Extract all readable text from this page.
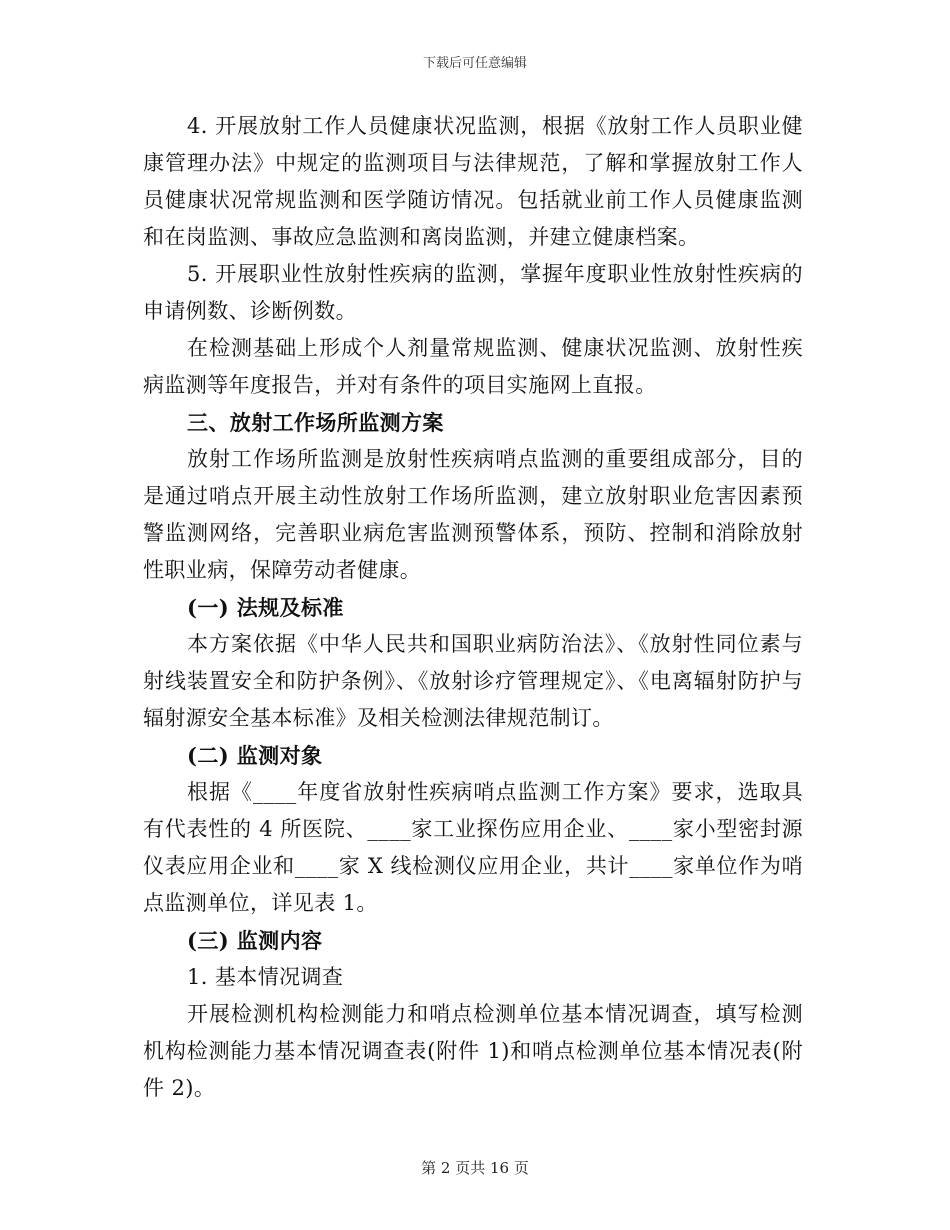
下载后可任意编辑

4. 开展放射工作人员健康状况监测，根据《放射工作人员职业健康管理办法》中规定的监测项目与法律规范，了解和掌握放射工作人员健康状况常规监测和医学随访情况。包括就业前工作人员健康监测和在岗监测、事故应急监测和离岗监测，并建立健康档案。

5. 开展职业性放射性疾病的监测，掌握年度职业性放射性疾病的申请例数、诊断例数。

在检测基础上形成个人剂量常规监测、健康状况监测、放射性疾病监测等年度报告，并对有条件的项目实施网上直报。

三、放射工作场所监测方案

放射工作场所监测是放射性疾病哨点监测的重要组成部分，目的是通过哨点开展主动性放射工作场所监测，建立放射职业危害因素预警监测网络，完善职业病危害监测预警体系，预防、控制和消除放射性职业病，保障劳动者健康。

(一) 法规及标准

本方案依据《中华人民共和国职业病防治法》、《放射性同位素与射线装置安全和防护条例》、《放射诊疗管理规定》、《电离辐射防护与辐射源安全基本标准》及相关检测法律规范制订。

(二) 监测对象

根据《____年度省放射性疾病哨点监测工作方案》要求，选取具有代表性的 4 所医院、____家工业探伤应用企业、____家小型密封源仪表应用企业和____家 X 线检测仪应用企业，共计____家单位作为哨点监测单位，详见表 1。

(三) 监测内容

1. 基本情况调查

开展检测机构检测能力和哨点检测单位基本情况调查，填写检测机构检测能力基本情况调查表(附件 1)和哨点检测单位基本情况表(附件 2)。

第 2 页共 16 页
